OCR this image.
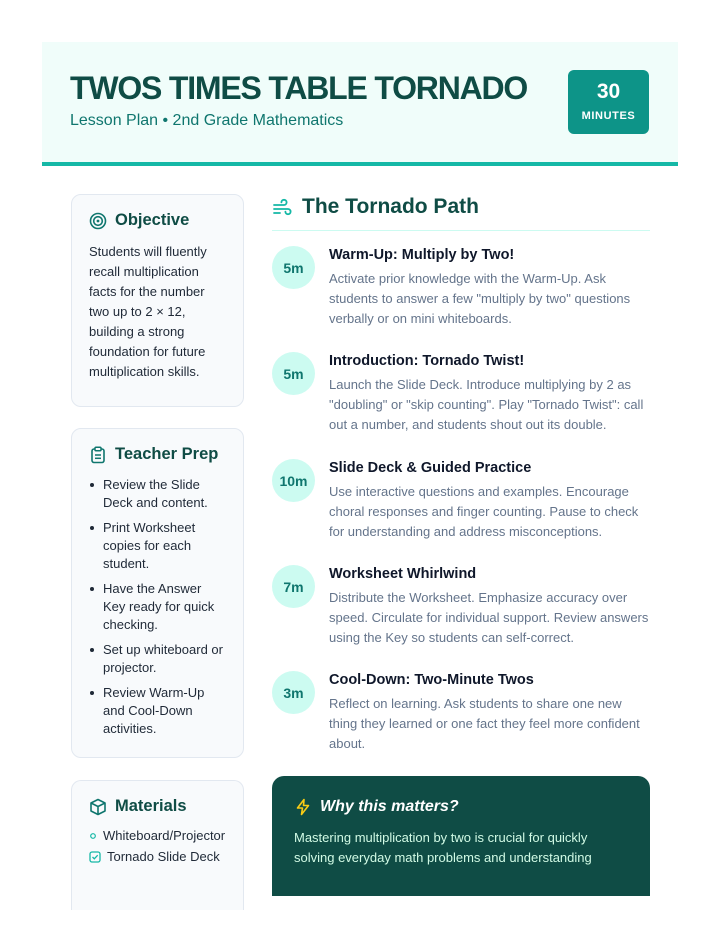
TWOS TIMES TABLE TORNADO
Lesson Plan • 2nd Grade Mathematics
30
MINUTES
Objective

Students will fluently recall multiplication facts for the number two up to 2 × 12, building a strong foundation for future multiplication skills.

Teacher Prep
Review the Slide Deck and content.
Print Worksheet copies for each student.
Have the Answer Key ready for quick checking.
Set up whiteboard or projector.
Review Warm-Up and Cool-Down activities.
Materials
Whiteboard/Projector
Tornado Slide Deck
The Tornado Path
5m
Warm-Up: Multiply by Two!
Activate prior knowledge with the Warm-Up. Ask students to answer a few "multiply by two" questions verbally or on mini whiteboards.
5m
Introduction: Tornado Twist!
Launch the Slide Deck. Introduce multiplying by 2 as "doubling" or "skip counting". Play "Tornado Twist": call out a number, and students shout out its double.
10m
Slide Deck & Guided Practice
Use interactive questions and examples. Encourage choral responses and finger counting. Pause to check for understanding and address misconceptions.
7m
Worksheet Whirlwind
Distribute the Worksheet. Emphasize accuracy over speed. Circulate for individual support. Review answers using the Key so students can self-correct.
3m
Cool-Down: Two-Minute Twos
Reflect on learning. Ask students to share one new thing they learned or one fact they feel more confident about.
Why this matters?
Mastering multiplication by two is crucial for quickly solving everyday math problems and understanding
